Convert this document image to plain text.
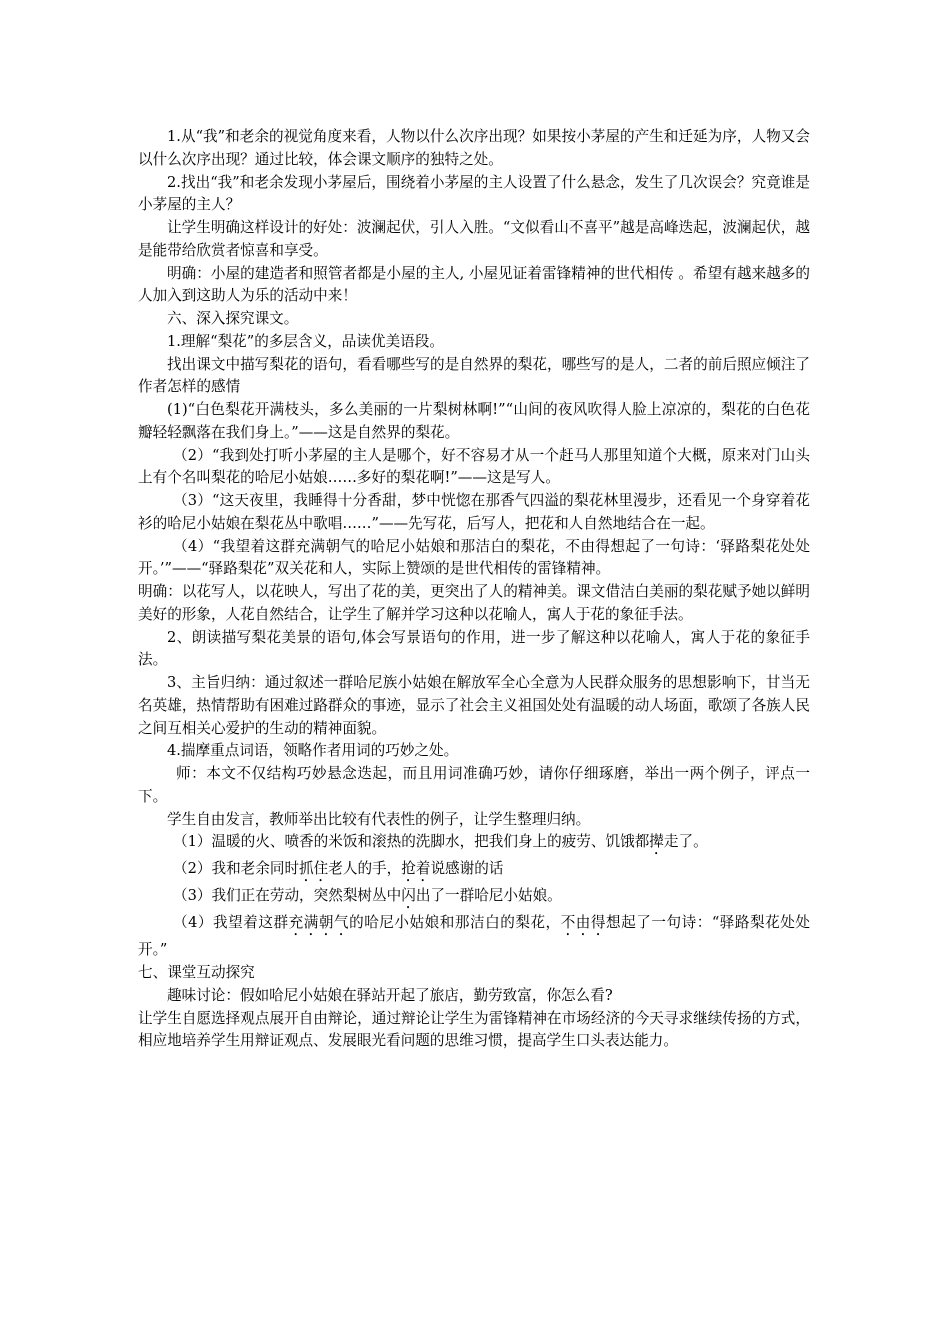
1.从“我”和老余的视觉角度来看，人物以什么次序出现？如果按小茅屋的产生和迁延为序，人物又会以什么次序出现？通过比较，体会课文顺序的独特之处。

2.找出“我”和老余发现小茅屋后，围绕着小茅屋的主人设置了什么悬念，发生了几次误会？究竟谁是小茅屋的主人？

让学生明确这样设计的好处：波澜起伏，引人入胜。“文似看山不喜平”越是高峰迭起，波澜起伏，越是能带给欣赏者惊喜和享受。

明确：小屋的建造者和照管者都是小屋的主人, 小屋见证着雷锋精神的世代相传 。希望有越来越多的人加入到这助人为乐的活动中来！

六、深入探究课文。

1.理解“梨花”的多层含义，品读优美语段。

找出课文中描写梨花的语句，看看哪些写的是自然界的梨花，哪些写的是人，二者的前后照应倾注了作者怎样的感情

(1)“白色梨花开满枝头，多么美丽的一片梨树林啊!”“山间的夜风吹得人脸上凉凉的，梨花的白色花瓣轻轻飘落在我们身上。”——这是自然界的梨花。

（2）“我到处打听小茅屋的主人是哪个，好不容易才从一个赶马人那里知道个大概，原来对门山头上有个名叫梨花的哈尼小姑娘……多好的梨花啊!”——这是写人。

（3）“这天夜里，我睡得十分香甜，梦中恍惚在那香气四溢的梨花林里漫步，还看见一个身穿着花衫的哈尼小姑娘在梨花丛中歌唱……”——先写花，后写人，把花和人自然地结合在一起。

（4）“我望着这群充满朝气的哈尼小姑娘和那洁白的梨花，不由得想起了一句诗：‘驿路梨花处处开。’”——“驿路梨花”双关花和人，实际上赞颂的是世代相传的雷锋精神。

明确：以花写人，以花映人，写出了花的美，更突出了人的精神美。课文借洁白美丽的梨花赋予她以鲜明美好的形象，人花自然结合，让学生了解并学习这种以花喻人，寓人于花的象征手法。

2、朗读描写梨花美景的语句,体会写景语句的作用，进一步了解这种以花喻人，寓人于花的象征手法。

3、主旨归纳：通过叙述一群哈尼族小姑娘在解放军全心全意为人民群众服务的思想影响下，甘当无名英雄，热情帮助有困难过路群众的事迹，显示了社会主义祖国处处有温暖的动人场面，歌颂了各族人民之间互相关心爱护的生动的精神面貌。

4.揣摩重点词语，领略作者用词的巧妙之处。

师：本文不仅结构巧妙悬念迭起，而且用词准确巧妙，请你仔细琢磨，举出一两个例子，评点一下。

学生自由发言，教师举出比较有代表性的例子，让学生整理归纳。

（1）温暖的火、喷香的米饭和滚热的洗脚水，把我们身上的疲劳、饥饿都撵走了。

（2）我和老余同时抓住老人的手，抢着说感谢的话

（3）我们正在劳动，突然梨树丛中闪出了一群哈尼小姑娘。

（4）我望着这群充满朝气的哈尼小姑娘和那洁白的梨花，不由得想起了一句诗：“驿路梨花处处开。”

七、课堂互动探究

趣味讨论：假如哈尼小姑娘在驿站开起了旅店，勤劳致富，你怎么看?

让学生自愿选择观点展开自由辩论，通过辩论让学生为雷锋精神在市场经济的今天寻求继续传扬的方式，相应地培养学生用辩证观点、发展眼光看问题的思维习惯，提高学生口头表达能力。
